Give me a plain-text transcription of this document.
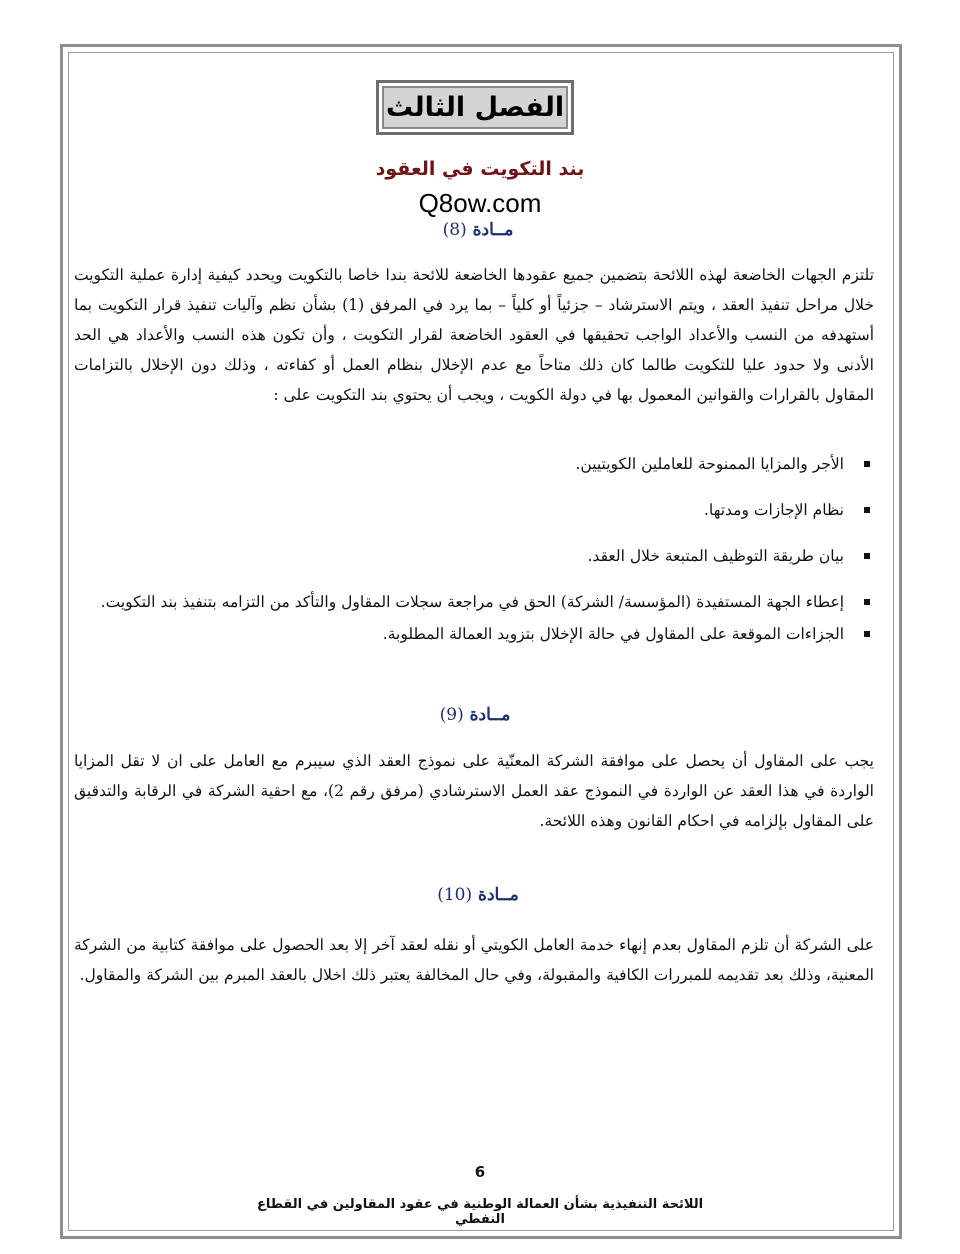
الفصل الثالث
بند التكويت في العقود
Q8ow.com
مــادة (8)
تلتزم الجهات الخاضعة لهذه اللائحة بتضمين جميع عقودها الخاضعة للائحة بندا خاصا بالتكويت ويحدد كيفية إدارة عملية التكويت خلال مراحل تنفيذ العقد ، ويتم الاسترشاد – جزئياً أو كلياً – بما يرد في المرفق (1) بشأن نظم وآليات تنفيذ قرار التكويت بما أستهدفه من النسب والأعداد الواجب تحقيقها في العقود الخاضعة لقرار التكويت ، وأن تكون هذه النسب والأعداد هي الحد الأدنى ولا حدود عليا للتكويت طالما كان ذلك متاحاً مع عدم الإخلال بنظام العمل أو كفاءته ، وذلك دون الإخلال بالتزامات المقاول بالقرارات والقوانين المعمول بها في دولة الكويت ، ويجب أن يحتوي بند التكويت على :
الأجر والمزايا الممنوحة للعاملين الكويتيين.
نظام الإجازات ومدتها.
بيان طريقة التوظيف المتبعة خلال العقد.
إعطاء الجهة المستفيدة (المؤسسة/ الشركة) الحق في مراجعة سجلات المقاول والتأكد من التزامه بتنفيذ بند التكويت.
الجزاءات الموقعة على المقاول في حالة الإخلال بتزويد العمالة المطلوبة.
مــادة (9)
يجب على المقاول أن يحصل على موافقة الشركة المعنّية على نموذج العقد الذي سيبرم مع العامل على ان لا تقل المزايا الواردة في هذا العقد عن الواردة في النموذج عقد العمل الاسترشادي (مرفق رقم 2)، مع احقية الشركة في الرقابة والتدقيق على المقاول بإلزامه في احكام القانون وهذه اللائحة.
مــادة (10)
على الشركة أن تلزم المقاول بعدم إنهاء خدمة العامل الكويتي أو نقله لعقد آخر إلا بعد الحصول على موافقة كتابية من الشركة المعنية، وذلك بعد تقديمه للمبررات الكافية والمقبولة، وفي حال المخالفة يعتبر ذلك اخلال بالعقد المبرم بين الشركة والمقاول.
6
اللائحة التنفيذية بشأن العمالة الوطنية في عقود المقاولين في القطاع النفطي
